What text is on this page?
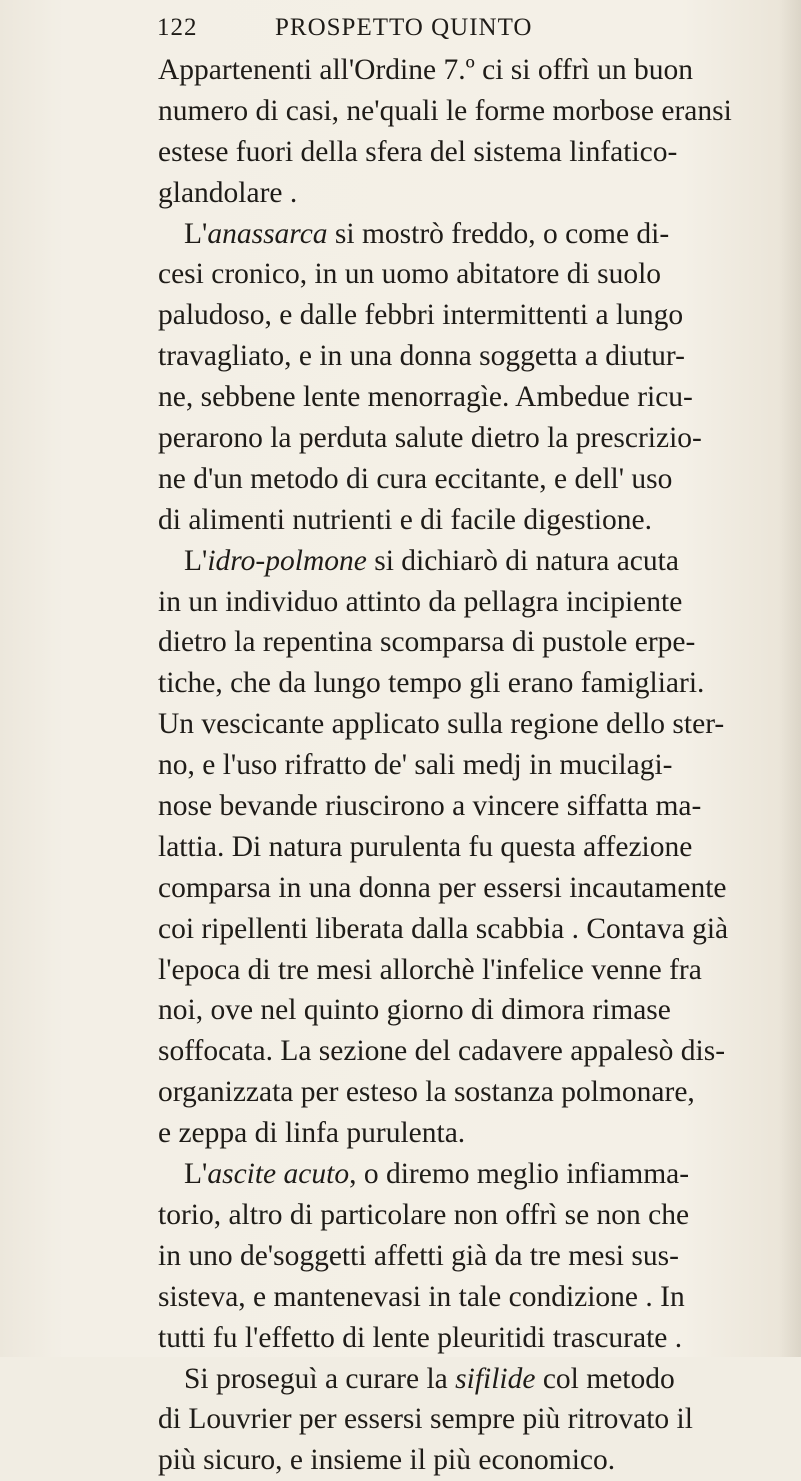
122	PROSPETTO QUINTO
Appartenenti all'Ordine 7.º ci si offrì un buon
numero di casi, ne'quali le forme morbose eransi
estese fuori della sfera del sistema linfatico-
glandolare .
L'anassarca si mostrò freddo, o come di-
cesi cronico, in un uomo abitatore di suolo
paludoso, e dalle febbri intermittenti a lungo
travagliato, e in una donna soggetta a diutur-
ne, sebbene lente menorragìe. Ambedue ricu-
perarono la perduta salute dietro la prescrizio-
ne d'un metodo di cura eccitante, e dell' uso
di alimenti nutrienti e di facile digestione.
L'idro-polmone si dichiarò di natura acuta
in un individuo attinto da pellagra incipiente
dietro la repentina scomparsa di pustole erpe-
tiche, che da lungo tempo gli erano famigliari.
Un vescicante applicato sulla regione dello ster-
no, e l'uso rifratto de' sali medj in mucilagi-
nose bevande riuscirono a vincere siffatta ma-
lattia. Di natura purulenta fu questa affezione
comparsa in una donna per essersi incautamente
coi ripellenti liberata dalla scabbia . Contava già
l'epoca di tre mesi allorchè l'infelice venne fra
noi, ove nel quinto giorno di dimora rimase
soffocata. La sezione del cadavere appalesò dis-
organizzata per esteso la sostanza polmonare,
e zeppa di linfa purulenta.
L'ascite acuto, o diremo meglio infiamma-
torio, altro di particolare non offrì se non che
in uno de'soggetti affetti già da tre mesi sus-
sisteva, e mantenevasi in tale condizione . In
tutti fu l'effetto di lente pleuritidi trascurate .
Si proseguì a curare la sifilide col metodo
di Louvrier per essersi sempre più ritrovato il
più sicuro, e insieme il più economico.
